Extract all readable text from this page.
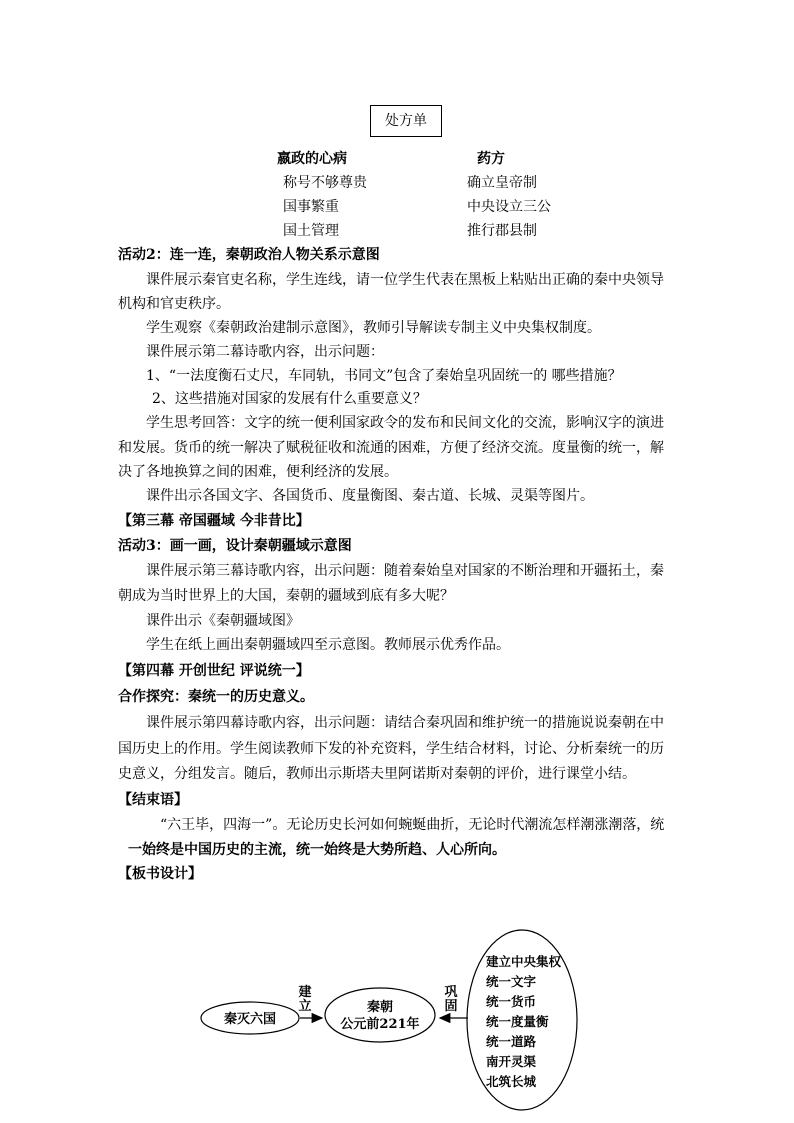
处方单
嬴政的心病	药方
称号不够尊贵	确立皇帝制
国事繁重	中央设立三公
国土管理	推行郡县制
活动2：连一连，秦朝政治人物关系示意图
课件展示秦官吏名称，学生连线，请一位学生代表在黑板上粘贴出正确的秦中央领导
机构和官吏秩序。
学生观察《秦朝政治建制示意图》，教师引导解读专制主义中央集权制度。
课件展示第二幕诗歌内容，出示问题：
1、“一法度衡石丈尺，车同轨，书同文”包含了秦始皇巩固统一的 哪些措施？
2、这些措施对国家的发展有什么重要意义？
学生思考回答：文字的统一便利国家政令的发布和民间文化的交流，影响汉字的演进
和发展。货币的统一解决了赋税征收和流通的困难，方便了经济交流。度量衡的统一，解
决了各地换算之间的困难，便利经济的发展。
课件出示各国文字、各国货币、度量衡图、秦古道、长城、灵渠等图片。
【第三幕 帝国疆域 今非昔比】
活动3：画一画，设计秦朝疆域示意图
课件展示第三幕诗歌内容，出示问题：随着秦始皇对国家的不断治理和开疆拓土，秦
朝成为当时世界上的大国，秦朝的疆域到底有多大呢？
课件出示《秦朝疆域图》
学生在纸上画出秦朝疆域四至示意图。教师展示优秀作品。
【第四幕 开创世纪 评说统一】
合作探究：秦统一的历史意义。
课件展示第四幕诗歌内容，出示问题：请结合秦巩固和维护统一的措施说说秦朝在中
国历史上的作用。学生阅读教师下发的补充资料，学生结合材料，讨论、分析秦统一的历
史意义，分组发言。随后，教师出示斯塔夫里阿诺斯对秦朝的评价，进行课堂小结。
【结束语】
“六王毕，四海一”。无论历史长河如何蜿蜒曲折，无论时代潮流怎样潮涨潮落，统
一始终是中国历史的主流，统一始终是大势所趋、人心所向。
【板书设计】
秦灭六国
建
立	秦朝
公元前221年
巩
固
建立中央集权
统一文字
统一货币
统一度量衡
统一道路
南开灵渠
北筑长城
